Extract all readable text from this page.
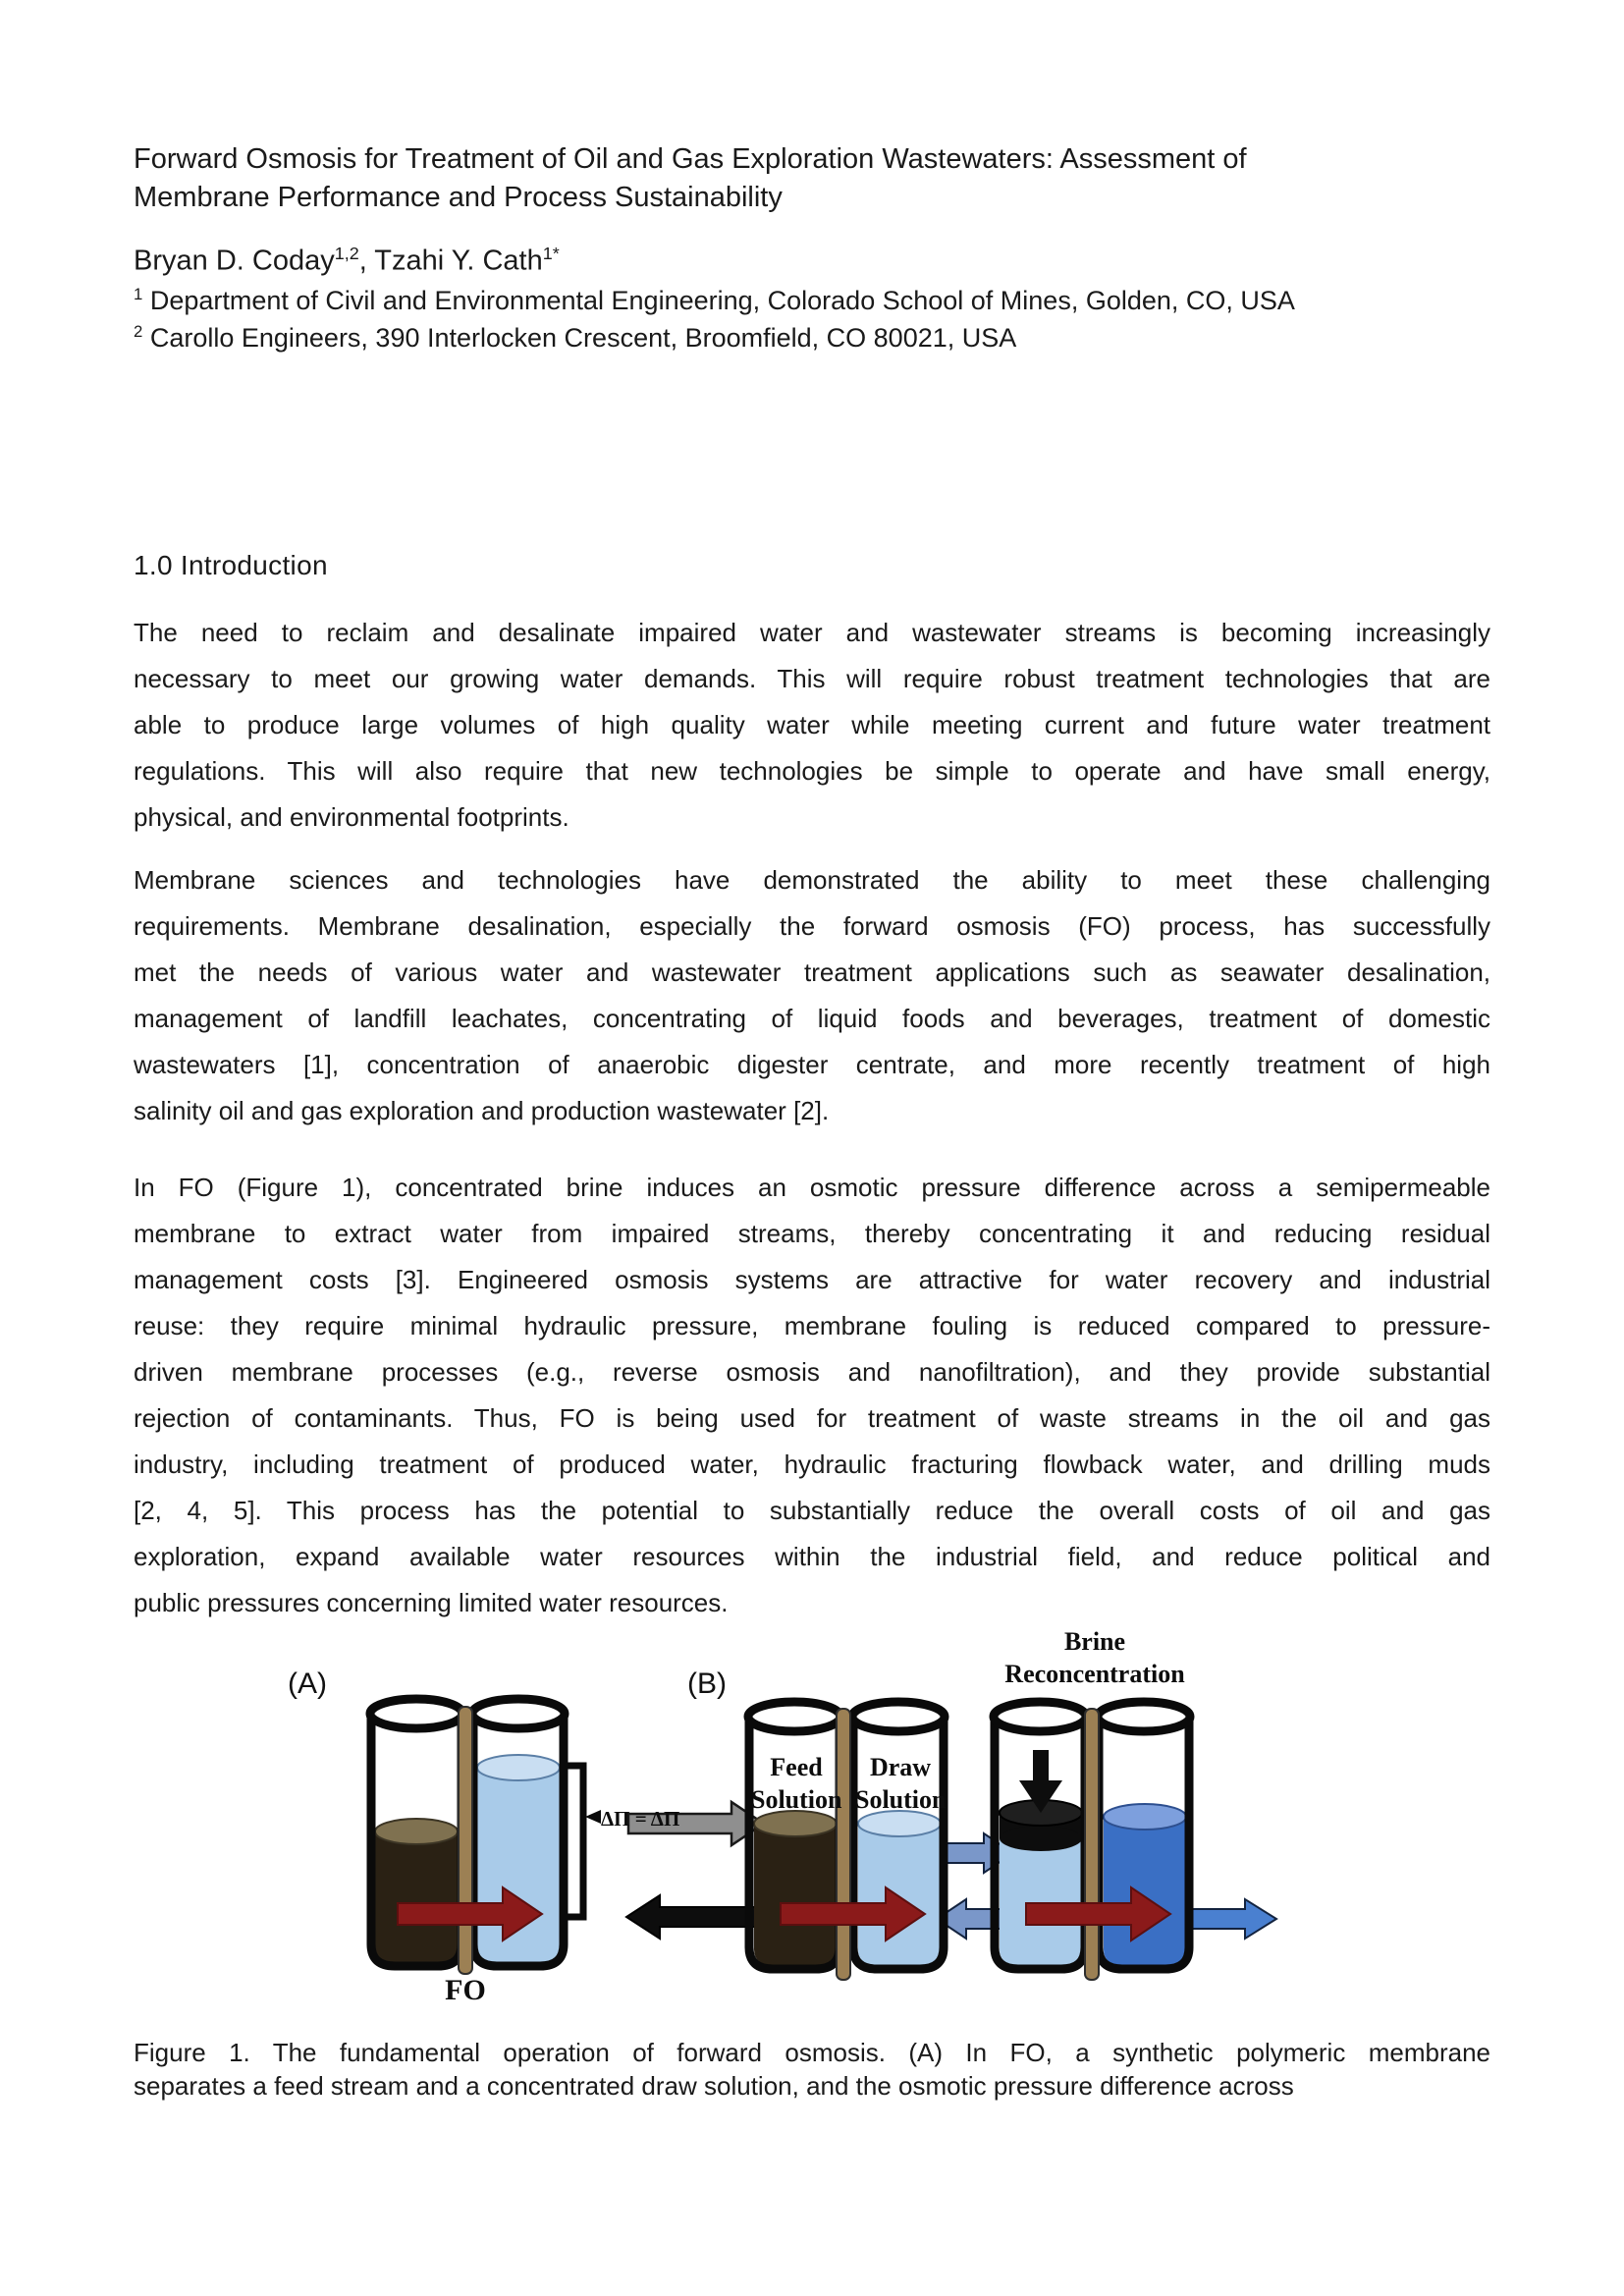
Forward Osmosis for Treatment of Oil and Gas Exploration Wastewaters: Assessment of
Membrane Performance and Process Sustainability
Bryan D. Coday$^{1,2}$, Tzahi Y. Cath$^{1*}$
$^1$ Department of Civil and Environmental Engineering, Colorado School of Mines, Golden, CO, USA
$^2$ Carollo Engineers, 390 Interlocken Crescent, Broomfield, CO 80021, USA
1.0 Introduction
The need to reclaim and desalinate impaired water and wastewater streams is becoming increasingly
necessary to meet our growing water demands. This will require robust treatment technologies that are
able to produce large volumes of high quality water while meeting current and future water treatment
regulations. This will also require that new technologies be simple to operate and have small energy,
physical, and environmental footprints.
Membrane sciences and technologies have demonstrated the ability to meet these challenging
requirements. Membrane desalination, especially the forward osmosis (FO) process, has successfully
met the needs of various water and wastewater treatment applications such as seawater desalination,
management of landfill leachates, concentrating of liquid foods and beverages, treatment of domestic
wastewaters [1], concentration of anaerobic digester centrate, and more recently treatment of high
salinity oil and gas exploration and production wastewater [2].
In FO (Figure 1), concentrated brine induces an osmotic pressure difference across a semipermeable
membrane to extract water from impaired streams, thereby concentrating it and reducing residual
management costs [3]. Engineered osmosis systems are attractive for water recovery and industrial
reuse: they require minimal hydraulic pressure, membrane fouling is reduced compared to pressure-
driven membrane processes (e.g., reverse osmosis and nanofiltration), and they provide substantial
rejection of contaminants. Thus, FO is being used for treatment of waste streams in the oil and gas
industry, including treatment of produced water, hydraulic fracturing flowback water, and drilling muds
[2, 4, 5]. This process has the potential to substantially reduce the overall costs of oil and gas
exploration, expand available water resources within the industrial field, and reduce political and
public pressures concerning limited water resources.
(A)	(B)
FO
ΔΠ = ΔΠ
Feed
Solution
Draw
Solution
Brine
Reconcentration
Figure 1. The fundamental operation of forward osmosis. (A) In FO, a synthetic polymeric membrane
separates a feed stream and a concentrated draw solution, and the osmotic pressure difference across
